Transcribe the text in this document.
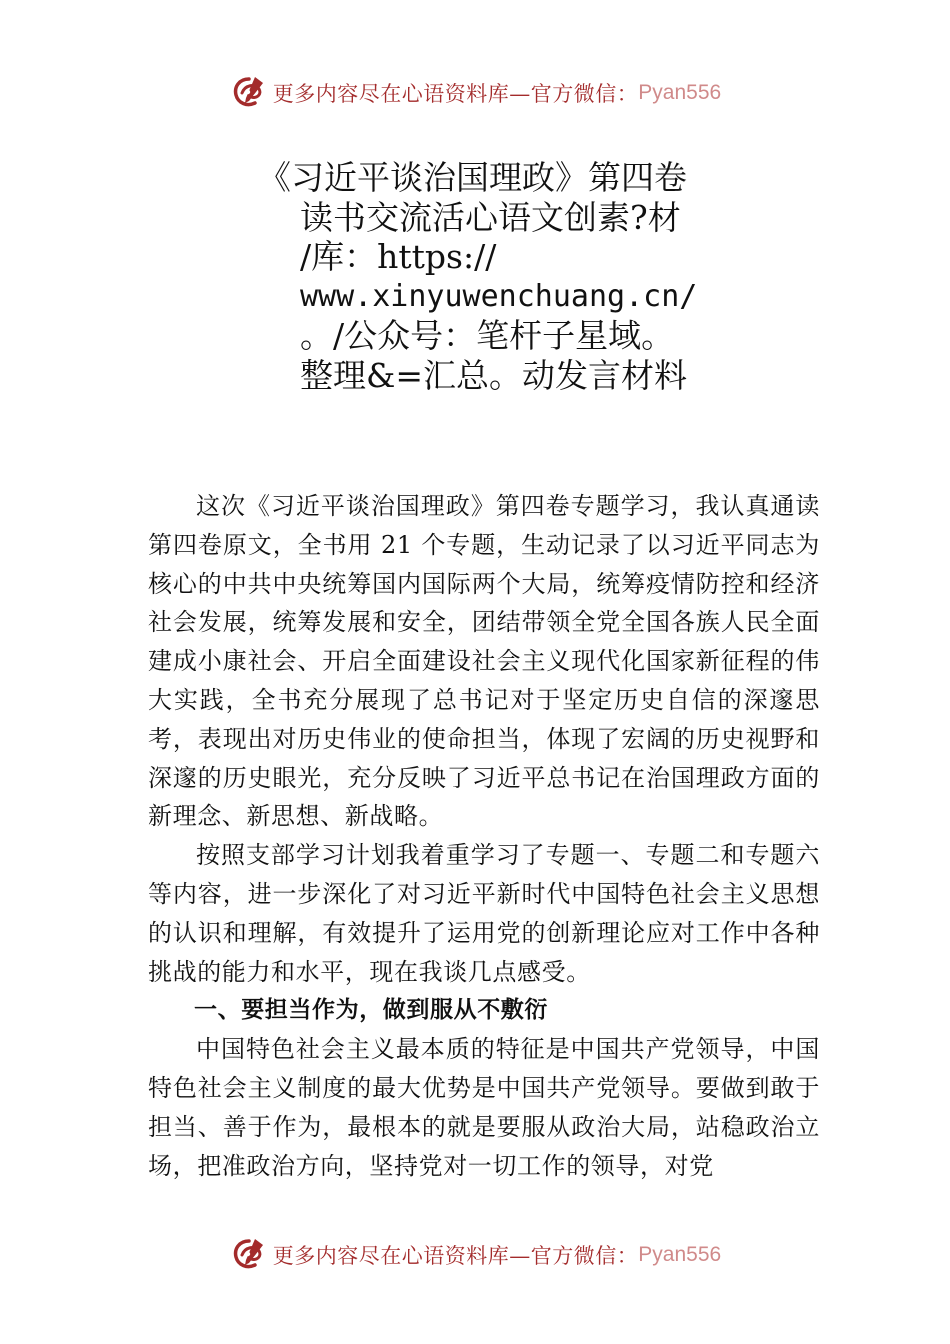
更多内容尽在心语资料库—官方微信： Pyan556
《习近平谈治国理政》第四卷
读书交流活心语文创素?材
/库：https://
www.xinyuwenchuang.cn/
。/公众号：笔杆子星域。
整理&=汇总。动发言材料

这次《习近平谈治国理政》第四卷专题学习，我认真通读第四卷原文，全书用 21 个专题，生动记录了以习近平同志为核心的中共中央统筹国内国际两个大局，统筹疫情防控和经济社会发展，统筹发展和安全，团结带领全党全国各族人民全面建成小康社会、开启全面建设社会主义现代化国家新征程的伟大实践，全书充分展现了总书记对于坚定历史自信的深邃思考，表现出对历史伟业的使命担当，体现了宏阔的历史视野和深邃的历史眼光，充分反映了习近平总书记在治国理政方面的新理念、新思想、新战略。

按照支部学习计划我着重学习了专题一、专题二和专题六等内容，进一步深化了对习近平新时代中国特色社会主义思想的认识和理解，有效提升了运用党的创新理论应对工作中各种挑战的能力和水平，现在我谈几点感受。

一、要担当作为，做到服从不敷衍

中国特色社会主义最本质的特征是中国共产党领导，中国特色社会主义制度的最大优势是中国共产党领导。要做到敢于担当、善于作为，最根本的就是要服从政治大局，站稳政治立场，把准政治方向，坚持党对一切工作的领导，对党

更多内容尽在心语资料库—官方微信： Pyan556
